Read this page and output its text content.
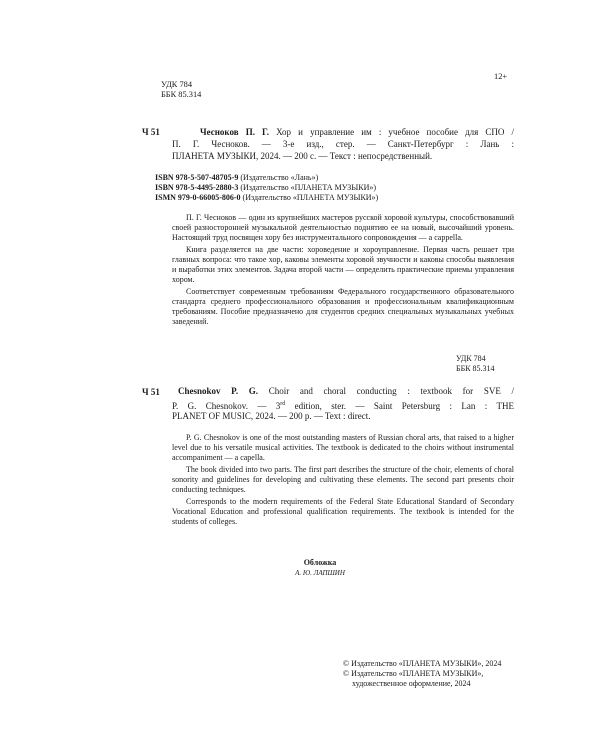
УДК 784
ББК 85.314
12+
Ч 51	Чесноков П. Г. Хор и управление им : учебное пособие для СПО /
П. Г. Чесноков. — 3-е изд., стер. — Санкт-Петербург : Лань :
ПЛАНЕТА МУЗЫКИ, 2024. — 200 с. — Текст : непосредственный.
ISBN 978-5-507-48705-9 (Издательство «Лань»)
ISBN 978-5-4495-2880-3 (Издательство «ПЛАНЕТА МУЗЫКИ»)
ISMN 979-0-66005-806-0 (Издательство «ПЛАНЕТА МУЗЫКИ»)

П. Г. Чесноков — один из крупнейших мастеров русской хоровой культуры, способствовавший своей разносторонней музыкальной деятельностью поднятию ее на новый, высочайший уровень. Настоящий труд посвящен хору без инструментального сопровождения — a cappella.

Книга разделяется на две части: хороведение и хороуправление. Первая часть решает три главных вопроса: что такое хор, каковы элементы хоровой звучности и каковы способы выявления и выработки этих элементов. Задача второй части — определить практические приемы управления хором.

Соответствует современным требованиям Федерального государственного образовательного стандарта среднего профессионального образования и профессиональным квалификационным требованиям. Пособие предназначено для студентов средних специальных музыкальных учебных заведений.

УДК 784
ББК 85.314
Ч 51 Chesnokov P. G. Choir and choral conducting : textbook for SVE /
P. G. Chesnokov. — 3rd edition, ster. — Saint Petersburg : Lan : THE
PLANET OF MUSIC, 2024. — 200 p. — Text : direct.

P. G. Chesnokov is one of the most outstanding masters of Russian choral arts, that raised to a higher level due to his versatile musical activities. The textbook is dedicated to the choirs without instrumental accompaniment — a capella.

The book divided into two parts. The first part describes the structure of the choir, elements of choral sonority and guidelines for developing and cultivating these elements. The second part presents choir conducting techniques.

Corresponds to the modern requirements of the Federal State Educational Standard of Secondary Vocational Education and professional qualification requirements. The textbook is intended for the students of colleges.

Обложка
А. Ю. ЛАПШИН
© Издательство «ПЛАНЕТА МУЗЫКИ», 2024
© Издательство «ПЛАНЕТА МУЗЫКИ»,
художественное оформление, 2024
